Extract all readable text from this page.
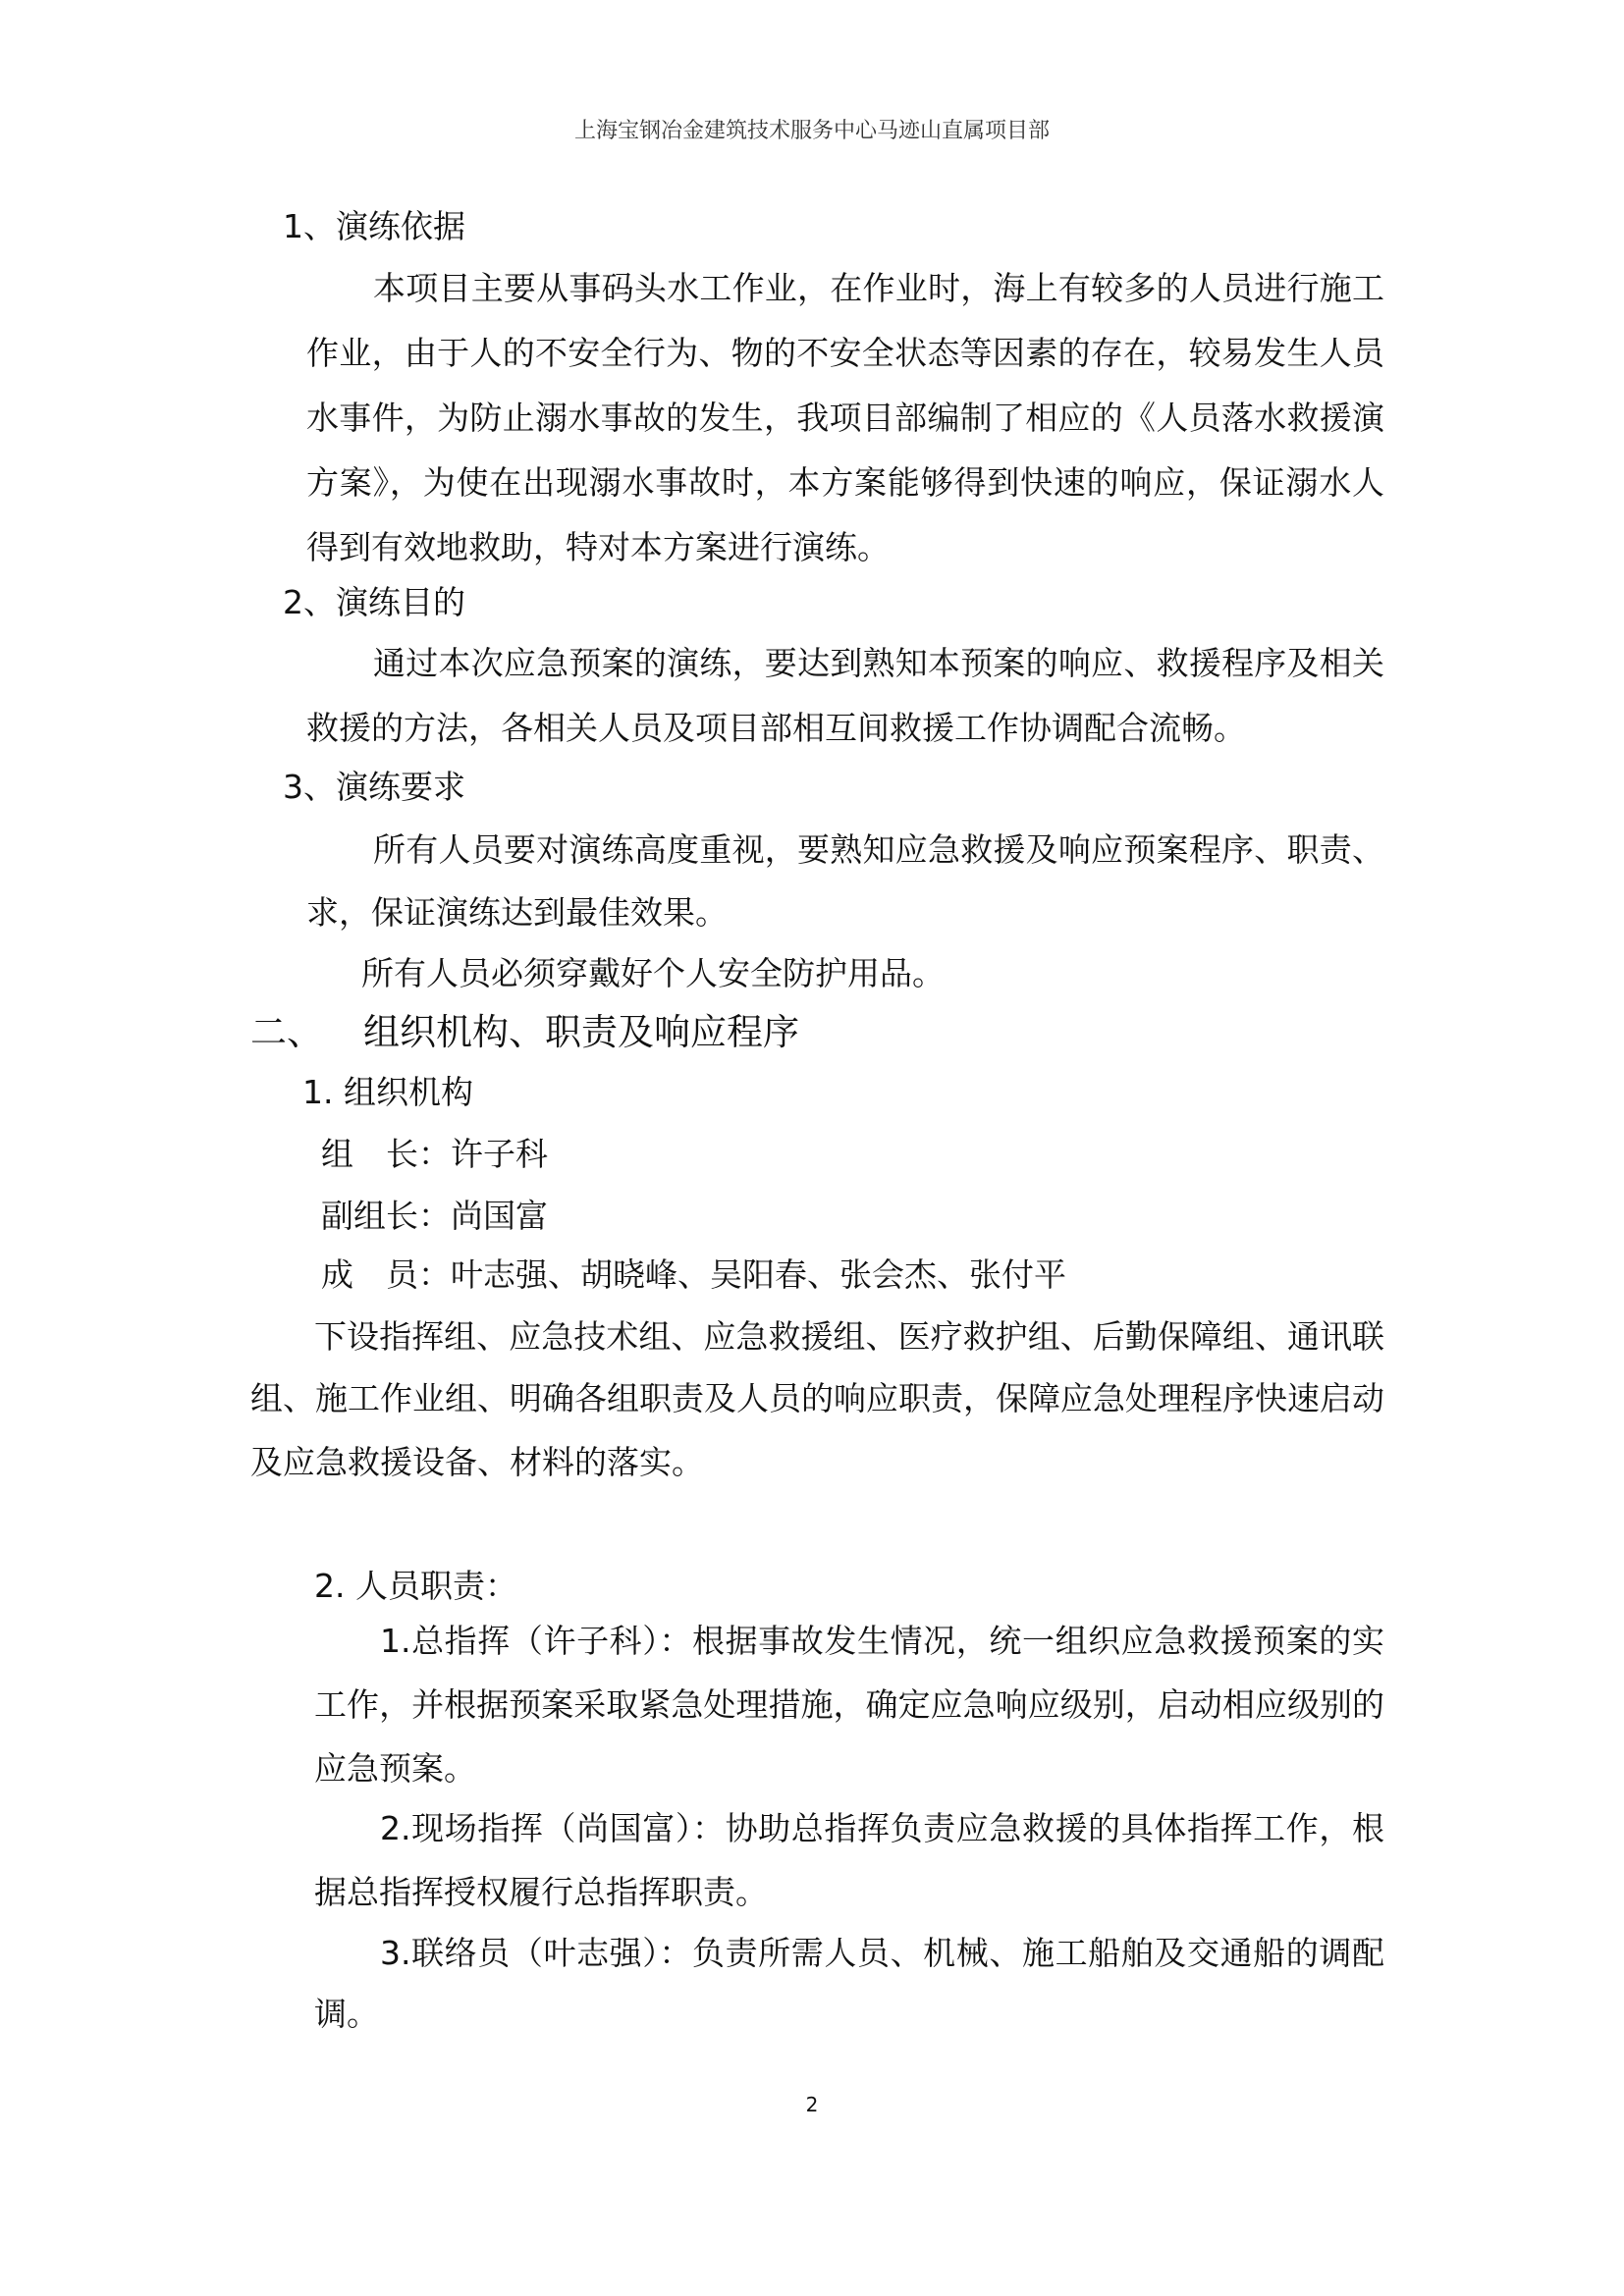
上海宝钢冶金建筑技术服务中心马迹山直属项目部
1、演练依据
本项目主要从事码头水工作业，在作业时，海上有较多的人员进行施工
作业，由于人的不安全行为、物的不安全状态等因素的存在，较易发生人员
水事件，为防止溺水事故的发生，我项目部编制了相应的《人员落水救援演
方案》，为使在出现溺水事故时，本方案能够得到快速的响应，保证溺水人
得到有效地救助，特对本方案进行演练。
2、演练目的
通过本次应急预案的演练，要达到熟知本预案的响应、救援程序及相关
救援的方法，各相关人员及项目部相互间救援工作协调配合流畅。
3、演练要求
所有人员要对演练高度重视，要熟知应急救援及响应预案程序、职责、
求，保证演练达到最佳效果。
所有人员必须穿戴好个人安全防护用品。
二、 组织机构、职责及响应程序
1. 组织机构
组　长：许子科
副组长：尚国富
成　员：叶志强、胡晓峰、吴阳春、张会杰、张付平
下设指挥组、应急技术组、应急救援组、医疗救护组、后勤保障组、通讯联
组、施工作业组、明确各组职责及人员的响应职责，保障应急处理程序快速启动
及应急救援设备、材料的落实。
2. 人员职责：
1.总指挥（许子科）：根据事故发生情况，统一组织应急救援预案的实
工作，并根据预案采取紧急处理措施，确定应急响应级别，启动相应级别的
应急预案。
2.现场指挥（尚国富）：协助总指挥负责应急救援的具体指挥工作，根
据总指挥授权履行总指挥职责。
3.联络员（叶志强）：负责所需人员、机械、施工船舶及交通船的调配
调。
2
